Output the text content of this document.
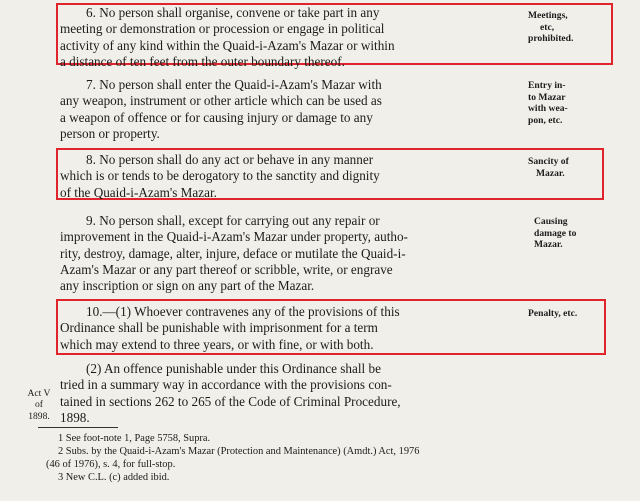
6. No person shall organise, convene or take part in any
meeting or demonstration or procession or engage in political
activity of any kind within the Quaid-i-Azam's Mazar or within
a distance of ten feet from the outer boundary thereof.
Meetings,
etc,
prohibited.
7. No person shall enter the Quaid-i-Azam's Mazar with
any weapon, instrument or other article which can be used as
a weapon of offence or for causing injury or damage to any
person or property.
Entry in-
to Mazar
with wea-
pon, etc.
8. No person shall do any act or behave in any manner
which is or tends to be derogatory to the sanctity and dignity
of the Quaid-i-Azam's Mazar.
Sancity of
Mazar.
9. No person shall, except for carrying out any repair or
improvement in the Quaid-i-Azam's Mazar under property, autho-
rity, destroy, damage, alter, injure, deface or mutilate the Quaid-i-
Azam's Mazar or any part thereof or scribble, write, or engrave
any inscription or sign on any part of the Mazar.
Causing
damage to
Mazar.
10.—(1) Whoever contravenes any of the provisions of this
Ordinance shall be punishable with imprisonment for a term
which may extend to three years, or with fine, or with both.
Penalty, etc.
(2) An offence punishable under this Ordinance shall be
tried in a summary way in accordance with the provisions con-
tained in sections 262 to 265 of the Code of Criminal Procedure,
1898.
Act V
of
1898.
1 See foot-note 1, Page 5758, Supra.
2 Subs. by the Quaid-i-Azam's Mazar (Protection and Maintenance) (Amdt.) Act, 1976
(46 of 1976), s. 4, for full-stop.
3 New C.L. (c) added ibid.
